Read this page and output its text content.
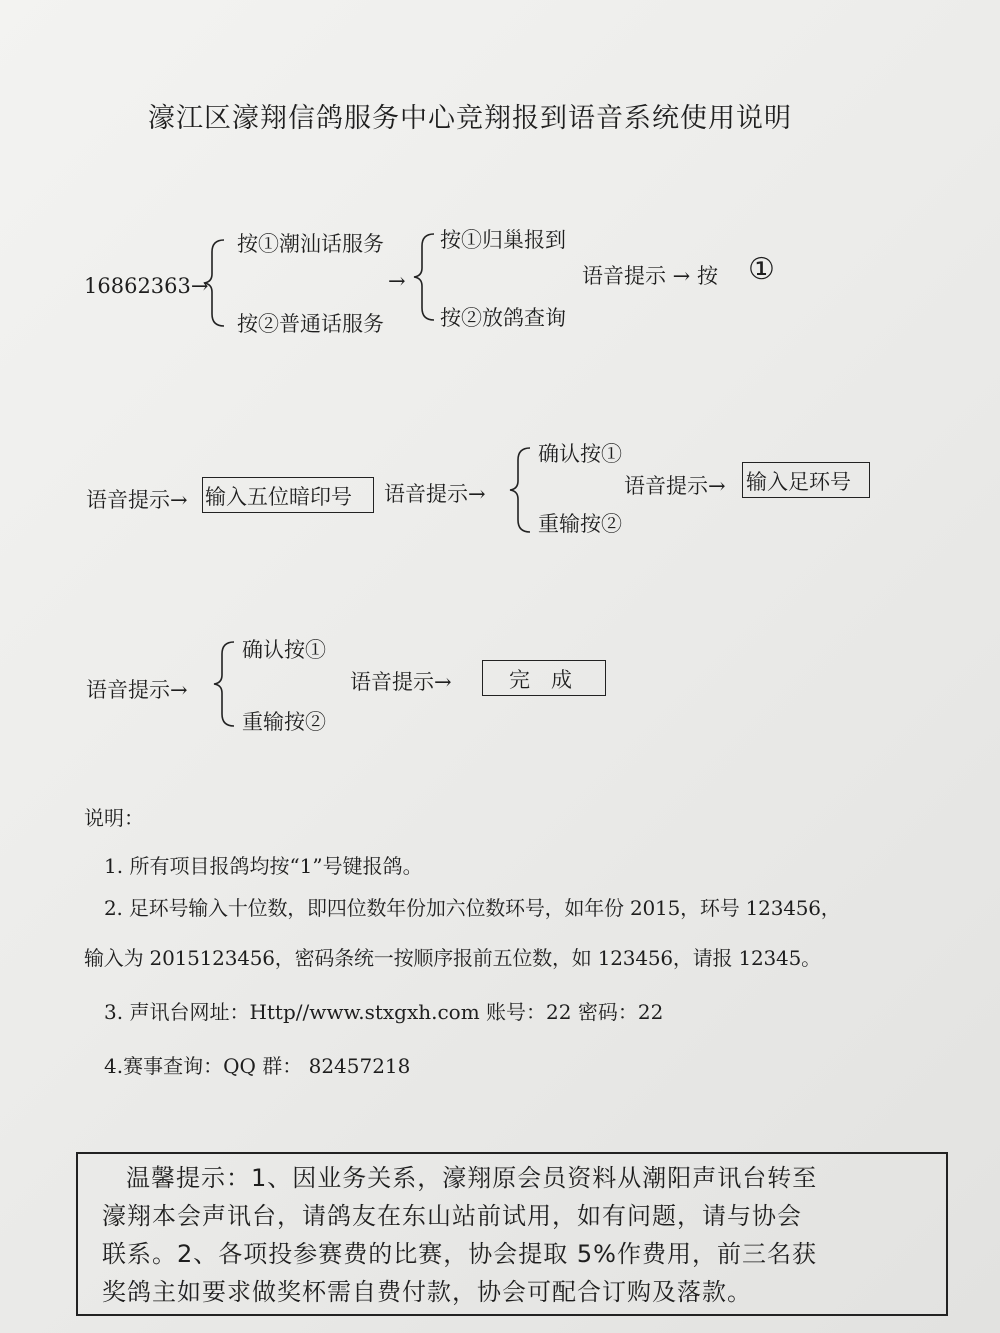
濠江区濠翔信鸽服务中心竞翔报到语音系统使用说明
16862363→
按①潮汕话服务
按②普通话服务
→
按①归巢报到
按②放鸽查询
语音提示 → 按 ①
语音提示→ 输入五位暗印号 语音提示→
确认按①
重输按②
语音提示→ 输入足环号
语音提示→
确认按①
重输按②
语音提示→	完　成
说明：
1. 所有项目报鸽均按“1”号键报鸽。
2. 足环号输入十位数，即四位数年份加六位数环号，如年份 2015，环号 123456，
输入为 2015123456，密码条统一按顺序报前五位数，如 123456，请报 12345。
3. 声讯台网址：Http//www.stxgxh.com 账号：22 密码：22
4.赛事查询：QQ 群： 82457218
温馨提示：1、因业务关系，濠翔原会员资料从潮阳声讯台转至
濠翔本会声讯台，请鸽友在东山站前试用，如有问题，请与协会
联系。2、各项投参赛费的比赛，协会提取 5%作费用，前三名获
奖鸽主如要求做奖杯需自费付款，协会可配合订购及落款。
